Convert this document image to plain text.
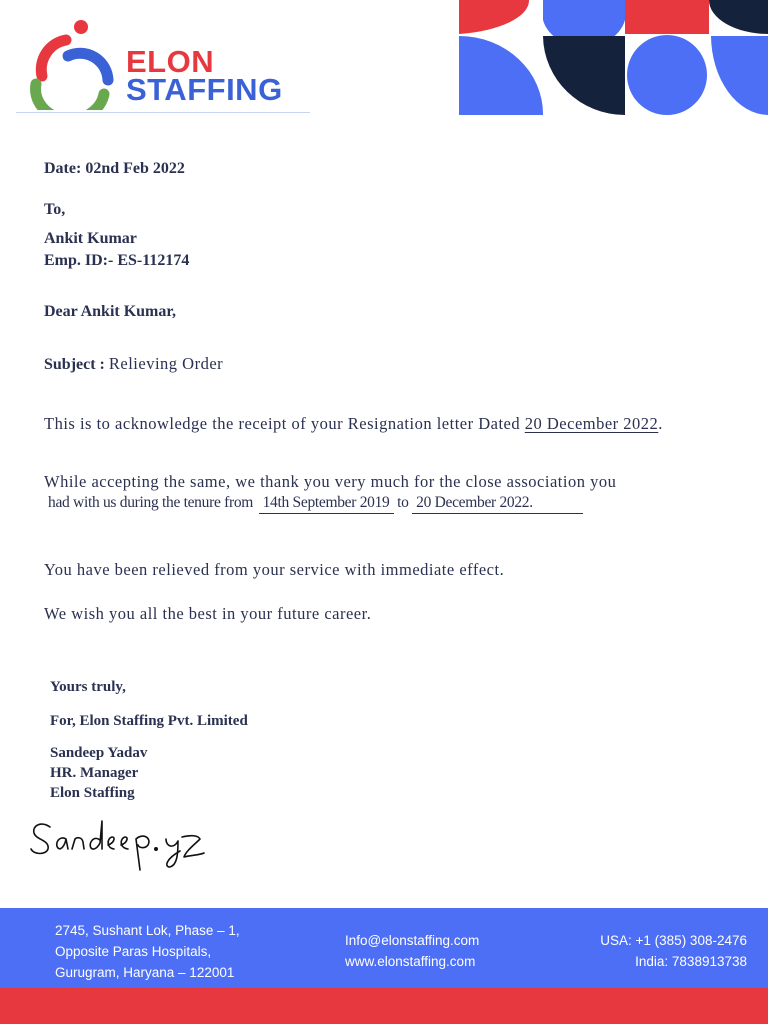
ELON
STAFFING
Date: 02nd Feb 2022
To,
Ankit Kumar
Emp. ID:- ES-112174
Dear Ankit Kumar,
Subject : Relieving Order
This is to acknowledge the receipt of your Resignation letter Dated 20 December 2022.
While accepting the same, we thank you very much for the close association you
had with us during the tenure from 14th September 2019 to 20 December 2022.
You have been relieved from your service with immediate effect.
We wish you all the best in your future career.
Yours truly,
For, Elon Staffing Pvt. Limited
Sandeep Yadav
HR. Manager
Elon Staffing
2745, Sushant Lok, Phase – 1,
Opposite Paras Hospitals,
Gurugram, Haryana – 122001
Info@elonstaffing.com
www.elonstaffing.com
USA: +1 (385) 308-2476
India: 7838913738
